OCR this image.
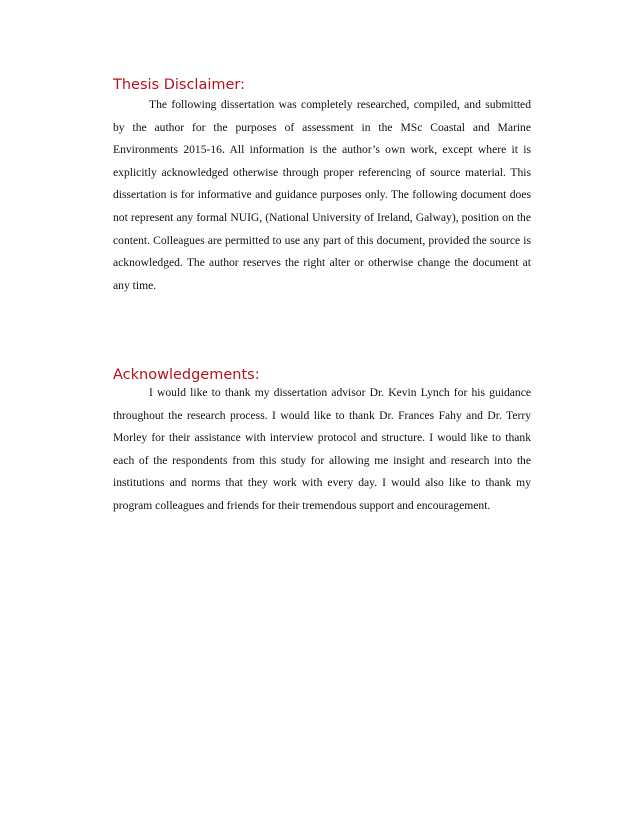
Thesis Disclaimer:

The following dissertation was completely researched, compiled, and submitted by the author for the purposes of assessment in the MSc Coastal and Marine Environments 2015-16. All information is the author’s own work, except where it is explicitly acknowledged otherwise through proper referencing of source material. This dissertation is for informative and guidance purposes only. The following document does not represent any formal NUIG, (National University of Ireland, Galway), position on the content. Colleagues are permitted to use any part of this document, provided the source is acknowledged. The author reserves the right alter or otherwise change the document at any time.

Acknowledgements:

I would like to thank my dissertation advisor Dr. Kevin Lynch for his guidance throughout the research process. I would like to thank Dr. Frances Fahy and Dr. Terry Morley for their assistance with interview protocol and structure. I would like to thank each of the respondents from this study for allowing me insight and research into the institutions and norms that they work with every day. I would also like to thank my program colleagues and friends for their tremendous support and encouragement.
